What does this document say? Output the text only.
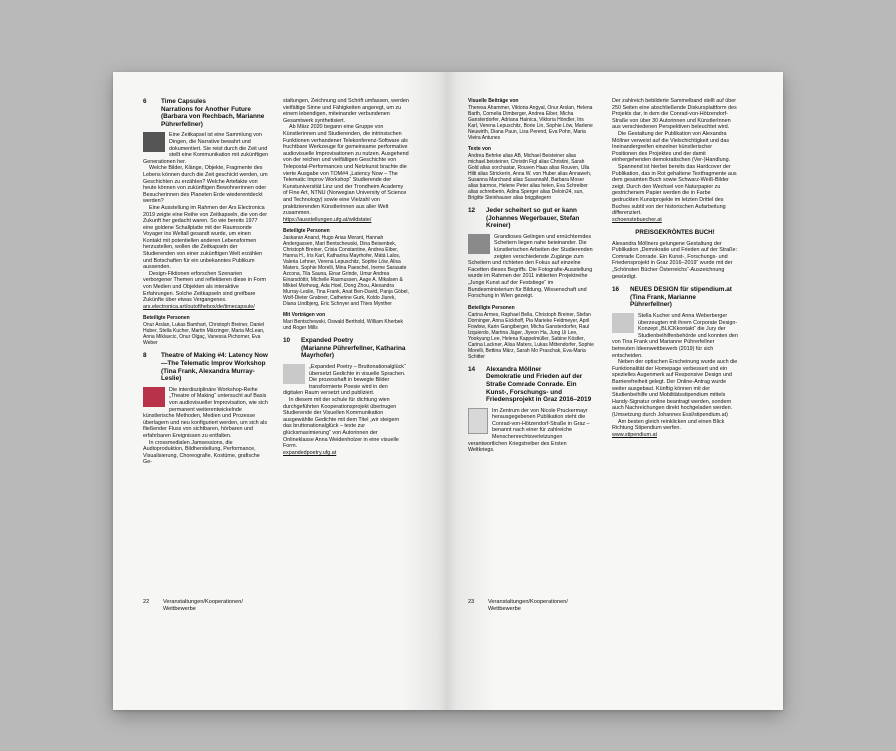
6	Time Capsules
Narrations for Another Future (Barbara von Rechbach, Marianne Pührerfellner)

Eine Zeitkapsel ist eine Sammlung von Dingen, die Narrative bewahrt und dokumentiert. Sie reist durch die Zeit und stellt eine Kommunikation mit zukünftigen Generationen her.

Welche Bilder, Klänge, Objekte, Fragmente des Lebens können durch die Zeit geschickt werden, um Geschichten zu erzählen? Welche Artefakte von heute können von zukünftigen Bewohnerinnen oder Besucherinnen des Planeten Erde wiederentdeckt werden?

Eine Ausstellung im Rahmen der Ars Electronica 2019 zeigte eine Reihe von Zeitkapseln, die von der Zukunft her gedacht waren. So wie bereits 1977 eine goldene Schallplatte mit der Raumsonde Voyager ins Weltall gesandt wurde, um einen Kontakt mit potentiellen anderen Lebensformen herzustellen, wollen die Zeitkapseln der Studierenden von einer zukünftigen Welt erzählen und Botschaften für ein unbekanntes Publikum aussenden.

Design-Fiktionen erforschen Szenarien verborgener Themen und reflektieren diese in Form von Medien und Objekten als interaktive Erfahrungen. Solche Zeitkapseln sind greifbare Zukünfte über etwas Vergangenes.

ars.electronica.art/outofthebox/de/timecapsule/
Beteiligte Personen
Onur Arslan, Lukas Bamhart, Christoph Breiner, Daniel Huber, Stella Kucher, Martin Märzinger, Maria McLean, Anna Miklavcic, Onur Olgaç, Vanessa Pichorner, Eva Weber
8	Theatre of Making #4: Latency Now
—The Telematic Improv Workshop (Tina Frank, Alexandra Murray-Leslie)

Die interdisziplinäre Workshop-Reihe „Theatre of Making“ untersucht auf Basis von audiovisueller Improvisation, wie sich permanent weiterentwickelnde künstlerische Methoden, Medien und Prozesse überlagern und neu konfiguriert werden, um sich als fließender Fluss von sichtbaren, hörbaren und erfahrbaren Ereignissen zu entfalten.

In crossmedialen Jamsessions, die Audioproduktion, Bildherstellung, Performance, Visualisierung, Choreografie, Kostüme, grafische Ge-

staltungen, Zeichnung und Schrift umfassen, werden vielfältige Sinne und Fähigkeiten angeregt, um zu einem lebendigen, miteinander verbundenen Gesamtwerk synthetisiert.

Ab März 2020 begann eine Gruppe von Künstlerinnen und Studierenden, die intrinsischen Funktionen verhandener Telekonferenz-Software als fruchtbare Werkzeuge für gemeinsame performative audiovisuelle Improvisationen zu nutzen. Ausgehend von der reichen und vielfältigen Geschichte von Telepostal-Performances und Netzkunst brachte die vierte Ausgabe von TOM#4 „Latency Now – The Telematic Improv Workshop“ Studierende der Kunstuniversität Linz und der Trondheim Academy of Fine Art, NTNU (Norwegian University of Science and Technology) sowie eine Vielzahl von praktizierenden Künstlerinnen aus aller Welt zusammen.

https://ausstellungen.ufg.at/wildstate/
Beteiligte Personen
Jaskaran Anand, Hugo Arias Morant, Hannah Andergassen, Mari Bentschewski, Dina Beisenbek, Christoph Breiner, Crisia Constantine, Andrea Eiber, Hanna H., Iris Karl, Katharina Mayrhofer, Mátá Lalos, Valeria Lehner, Verena Lepuschitz, Sophie Löw, Alisa Maters, Sophie Morelli, Mina Paeschel, Ineme Sarasate Azcona, Tila Sauna, Einar Grinde, Umur Andrea Einarsdóttir, Michelle Rasmussen, Aage A. Mikalsen & Mikkel Morheug, Ada Hoel, Dong Zhou, Alexandra Murray-Leslie, Tina Frank, Anat Ben-David, Panja Göbel, Wolf-Dieter Grabner, Catherine Gurk, Koldo Jiurek, Diana Lindbjerg, Eric Schnyer and Thies Mynther
Mit Vorträgen von
Mari Bentschewski, Oswald Berthold, William Kherbek und Roger Mills
10	Expanded Poetry
(Marianne Pührerfellner, Katharina Mayrhofer)

„Expanded Poetry – Bruttonationalglück“ übersetzt Gedichte in visuelle Sprachen. Die prozesshaft in bewegte Bilder transformierte Poesie wird in den digitalen Raum versetzt und publiziert.

In diesem mit der schule für dichtung wien durchgeführten Kooperationsprojekt übertrugen Studierende der Visuellen Kommunikation ausgewählte Gedichte mit dem Titel „wir steigern das bruttonationalglück – texte zur glücksmaximierung“ von Autorinnen der Onlineklasse Anna Weidenholzer in eine visuelle Form.

expandedpoetry.ufg.at
22	Veranstaltungen/Kooperationen/ Wettbewerbe
Visuelle Beiträge von
Theresa Ahammer, Viktoria Angyal, Onur Arslan, Helena Barth, Cornelia Dimberger, Andrea Eiber, Micha Gansterdorfer, Adriana Hainica, Viktoria Höndler, Iris Karl, Verena Lepuschitz, Borie Lin, Sophie Löw, Marlene Neuwirth, Diana Paun, Lisa Perend, Eva Pohn, Maria Vieira Antunes
Texte von
Andrea Behrke alias AB, Michael Beisteiner alias michael.beisteiner, Christin Figl alias Christini, Sarah Gold alias sorchastar, Rouven Haas alias Rouven, Ulla Hilti alias Strickerin, Anna W. von Huber alias Annaweh, Susanna Marchand alias SusannaM, Barbara Moser alias barmos, Helene Peter alias helen, Eva Schreiber alias schreiberin, Adina Sperger alias Deloin24, sun, Brigitte Steinhauser alias briggitegern
12	Jeder scheitert so gut er kann
(Johannes Wegerbauer, Stefan Kreiner)

Grandioses Gelingen und ernüchterndes Scheitern liegen nahe beieinander. Die künstlerischen Arbeiten der Studierenden zeigten verschiedenste Zugänge zum Scheitern und richteten den Fokus auf einzelne Facetten dieses Begriffs. Die Fotografie-Ausstellung wurde im Rahmen der 2011 initiierten Projektreihe „Junge Kunst auf der Feststiege“ im Bundesministerium für Bildung, Wissenschaft und Forschung in Wien gezeigt.

Beteiligte Personen
Carina Armes, Raphael Bella, Christoph Breiner, Stefan Dorninger, Anna Eickhoff, Pia Marieke Feldmeyer, April Fowlow, Karin Gangiberger, Micha Gansterdorfer, Raul Izquierdo, Martina Jäger, Jiyeon Ha, Jung Ui Lee, Yookyung Lee, Helena Kappelmüller, Sabine Köstler, Carina Lackner, Alisa Maters, Lukas Mittendorfer, Sophie Morelli, Bettina März, Sarah Mo Praschak, Eva-Maria Schitter
14	Alexandra Möllner
Demokratie und Frieden auf der Straße Comrade Conrade. Ein Kunst-, Forschungs- und Friedensprojekt in Graz 2016–2019

Im Zentrum der von Nicole Pruckermayr herausgegebenen Publikation steht die Conrad-von-Hötzendorf-Straße in Graz – benannt nach einer für zahlreiche Menschenrechtsverletzungen verantwortlichen Kriegstreiber des Ersten Weltkriegs.

Der zahlreich bebilderte Sammelband stellt auf über 250 Seiten eine abschließende Diskursplattform des Projekts dar, in dem die Conrad-von-Hötzendorf-Straße von über 30 Autorinnen und KünstlerInnen aus verschiedenen Perspektiven beleuchtet wird.

Die Gestaltung der Publikation von Alexandra Möllner verweist auf die Vielschichtigkeit und das Ineinandergreifen einzelner künstlerischer Positionen des Projektes und der damit einhergehenden demokratischen (Ver-)Handlung.

Spannend ist hierbei bereits das Hardcover der Publikation, das in Rot gehaltene Textfragmente aus dem gesamten Buch sowie Schwarz-Weiß-Bilder zeigt. Durch den Wechsel von Naturpapier zu gestrichenem Papier werden die in Farbe gedruckten Kunstprojekte im letzten Drittel des Buches subtil von der historischen Aufarbeitung differenziert.

schoenstebuecher.at
PREISGEKRÖNTES BUCH!

Alexandra Möllners gelungene Gestaltung der Publikation „Demokratie und Frieden auf der Straße: Comrade Conrade. Ein Kunst-, Forschungs- und Friedensprojekt in Graz 2016–2019“ wurde mit der „Schönsten Bücher Österreichs“-Auszeichnung gewürdigt.

16	NEUES DESIGN für stipendium.at
(Tina Frank, Marianne Pührerfellner)

Stella Kucher und Anna Weberberger überzeugten mit ihrem Corporate Design-Konzept „BLICKkontakt“ die Jury der Studienbeihilfenbehörde und konnten den von Tina Frank und Marianne Pührerfellner betreuten Ideenwettbewerb (2019) für sich entscheiden.

Neben der optischen Erscheinung wurde auch die Funktionalität der Homepage verbessert und ein spezielles Augenmerk auf Responsive Design und Barrierefreiheit gelegt. Der Online-Antrag wurde weiter ausgebaut. Künftig können mit der Studienbeihilfe und Mobilitätsstipendium mittels Handy-Signatur online beantragt werden, sondern auch Nachreichungen direkt hochgeladen werden. (Umsetzung durch Johannes Essl/stipendium.at)

Am besten gleich reinklicken und einen Blick Richtung Stipendium werfen.

www.stipendium.at
23	Veranstaltungen/Kooperationen/ Wettbewerbe
